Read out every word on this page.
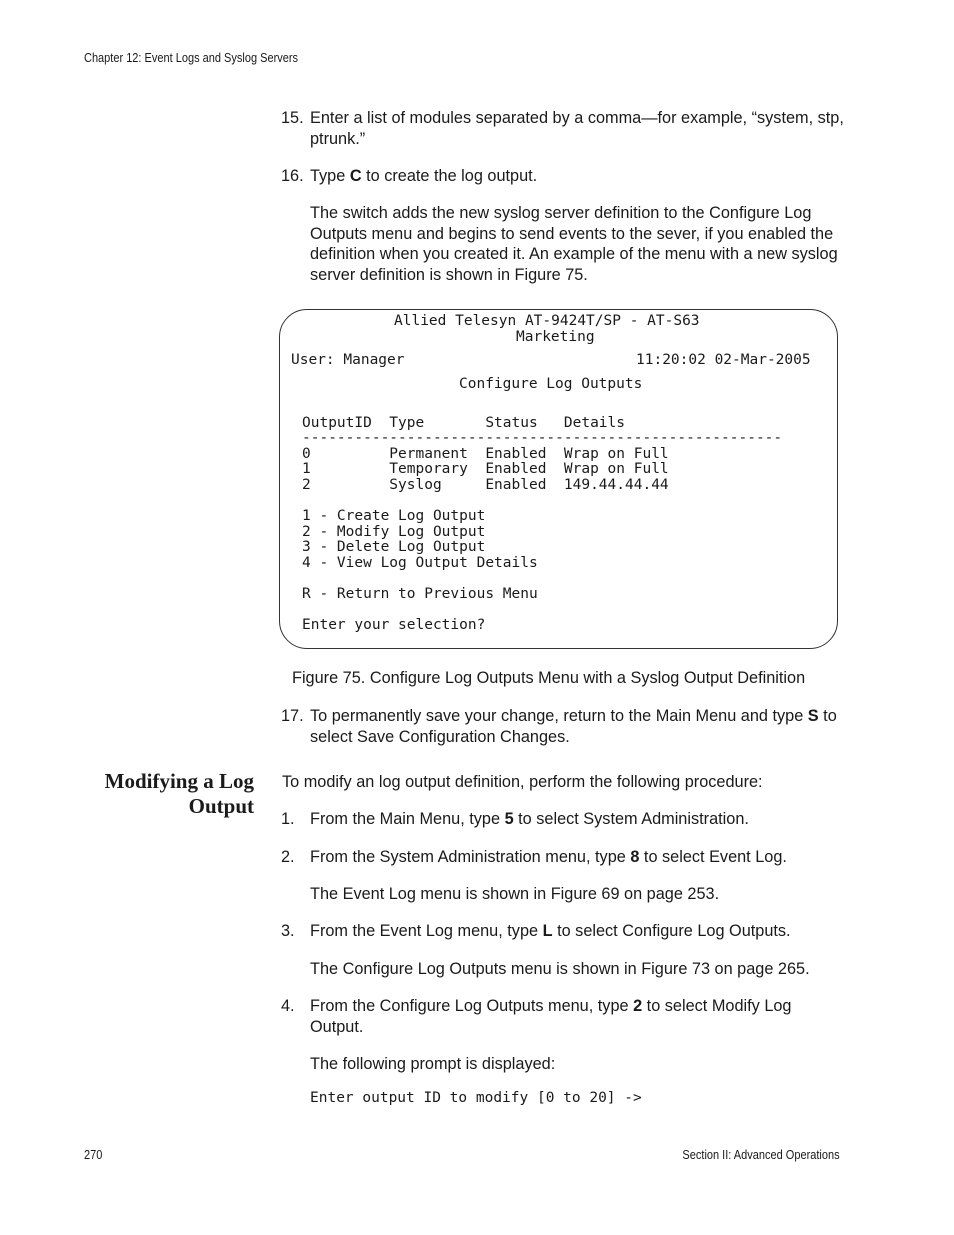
Chapter 12: Event Logs and Syslog Servers
15. Enter a list of modules separated by a comma—for example, “system, stp, ptrunk.”
16. Type C to create the log output.
The switch adds the new syslog server definition to the Configure Log Outputs menu and begins to send events to the sever, if you enabled the definition when you created it. An example of the menu with a new syslog server definition is shown in Figure 75.
Allied Telesyn AT-9424T/SP - AT-S63
Marketing
User: Manager	11:20:02 02-Mar-2005
Configure Log Outputs
OutputID  Type       Status   Details
-------------------------------------------------------
0         Permanent  Enabled  Wrap on Full
1         Temporary  Enabled  Wrap on Full
2         Syslog     Enabled  149.44.44.44
1 - Create Log Output
2 - Modify Log Output
3 - Delete Log Output
4 - View Log Output Details
R - Return to Previous Menu
Enter your selection?
Figure 75. Configure Log Outputs Menu with a Syslog Output Definition
17. To permanently save your change, return to the Main Menu and type S to select Save Configuration Changes.
Modifying a Log
Output
To modify an log output definition, perform the following procedure:
1. From the Main Menu, type 5 to select System Administration.
2. From the System Administration menu, type 8 to select Event Log.
The Event Log menu is shown in Figure 69 on page 253.
3. From the Event Log menu, type L to select Configure Log Outputs.
The Configure Log Outputs menu is shown in Figure 73 on page 265.
4. From the Configure Log Outputs menu, type 2 to select Modify Log Output.
The following prompt is displayed:
Enter output ID to modify [0 to 20] ->
270	Section II: Advanced Operations
